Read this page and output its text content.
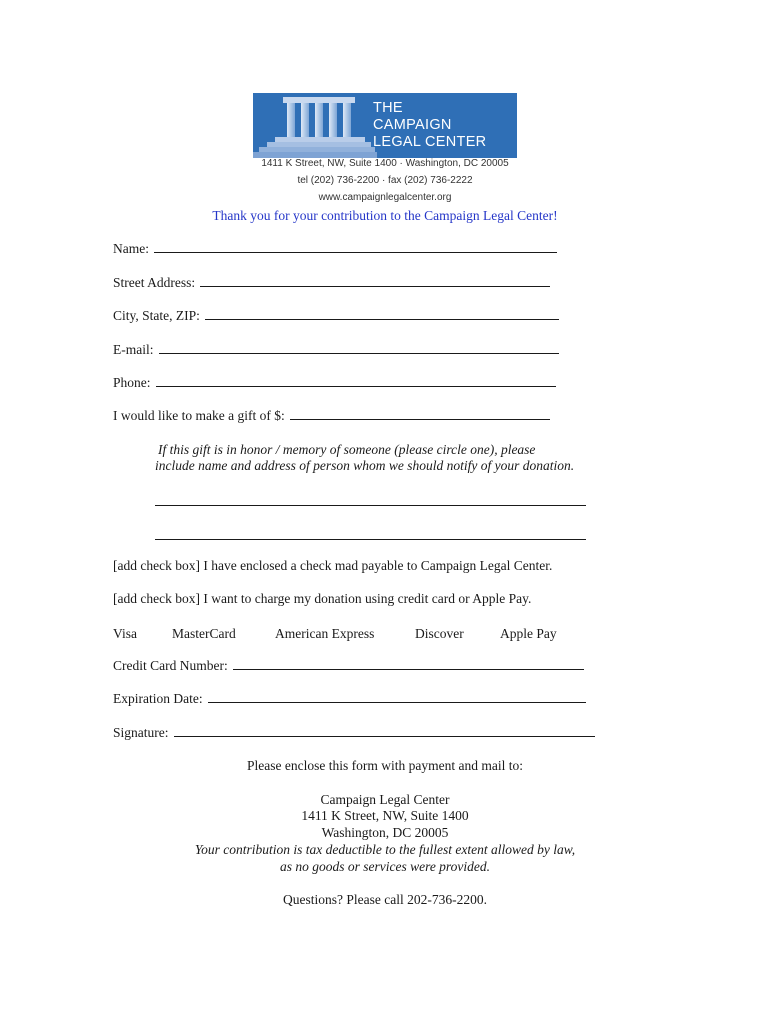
THE
CAMPAIGN
LEGAL CENTER
1411 K Street, NW, Suite 1400 · Washington, DC 20005
tel (202) 736-2200 · fax (202) 736-2222
www.campaignlegalcenter.org
Thank you for your contribution to the Campaign Legal Center!
Name:
Street Address:
City, State, ZIP:
E-mail:
Phone:
I would like to make a gift of $:
If this gift is in honor / memory of someone (please circle one), please
include name and address of person whom we should notify of your donation.
[add check box] I have enclosed a check mad payable to Campaign Legal Center.
[add check box] I want to charge my donation using credit card or Apple Pay.
Visa	MasterCard	American Express	Discover	Apple Pay
Credit Card Number:
Expiration Date:
Signature:
Please enclose this form with payment and mail to:
Campaign Legal Center
1411 K Street, NW, Suite 1400
Washington, DC 20005
Your contribution is tax deductible to the fullest extent allowed by law,
as no goods or services were provided.
Questions? Please call 202-736-2200.
